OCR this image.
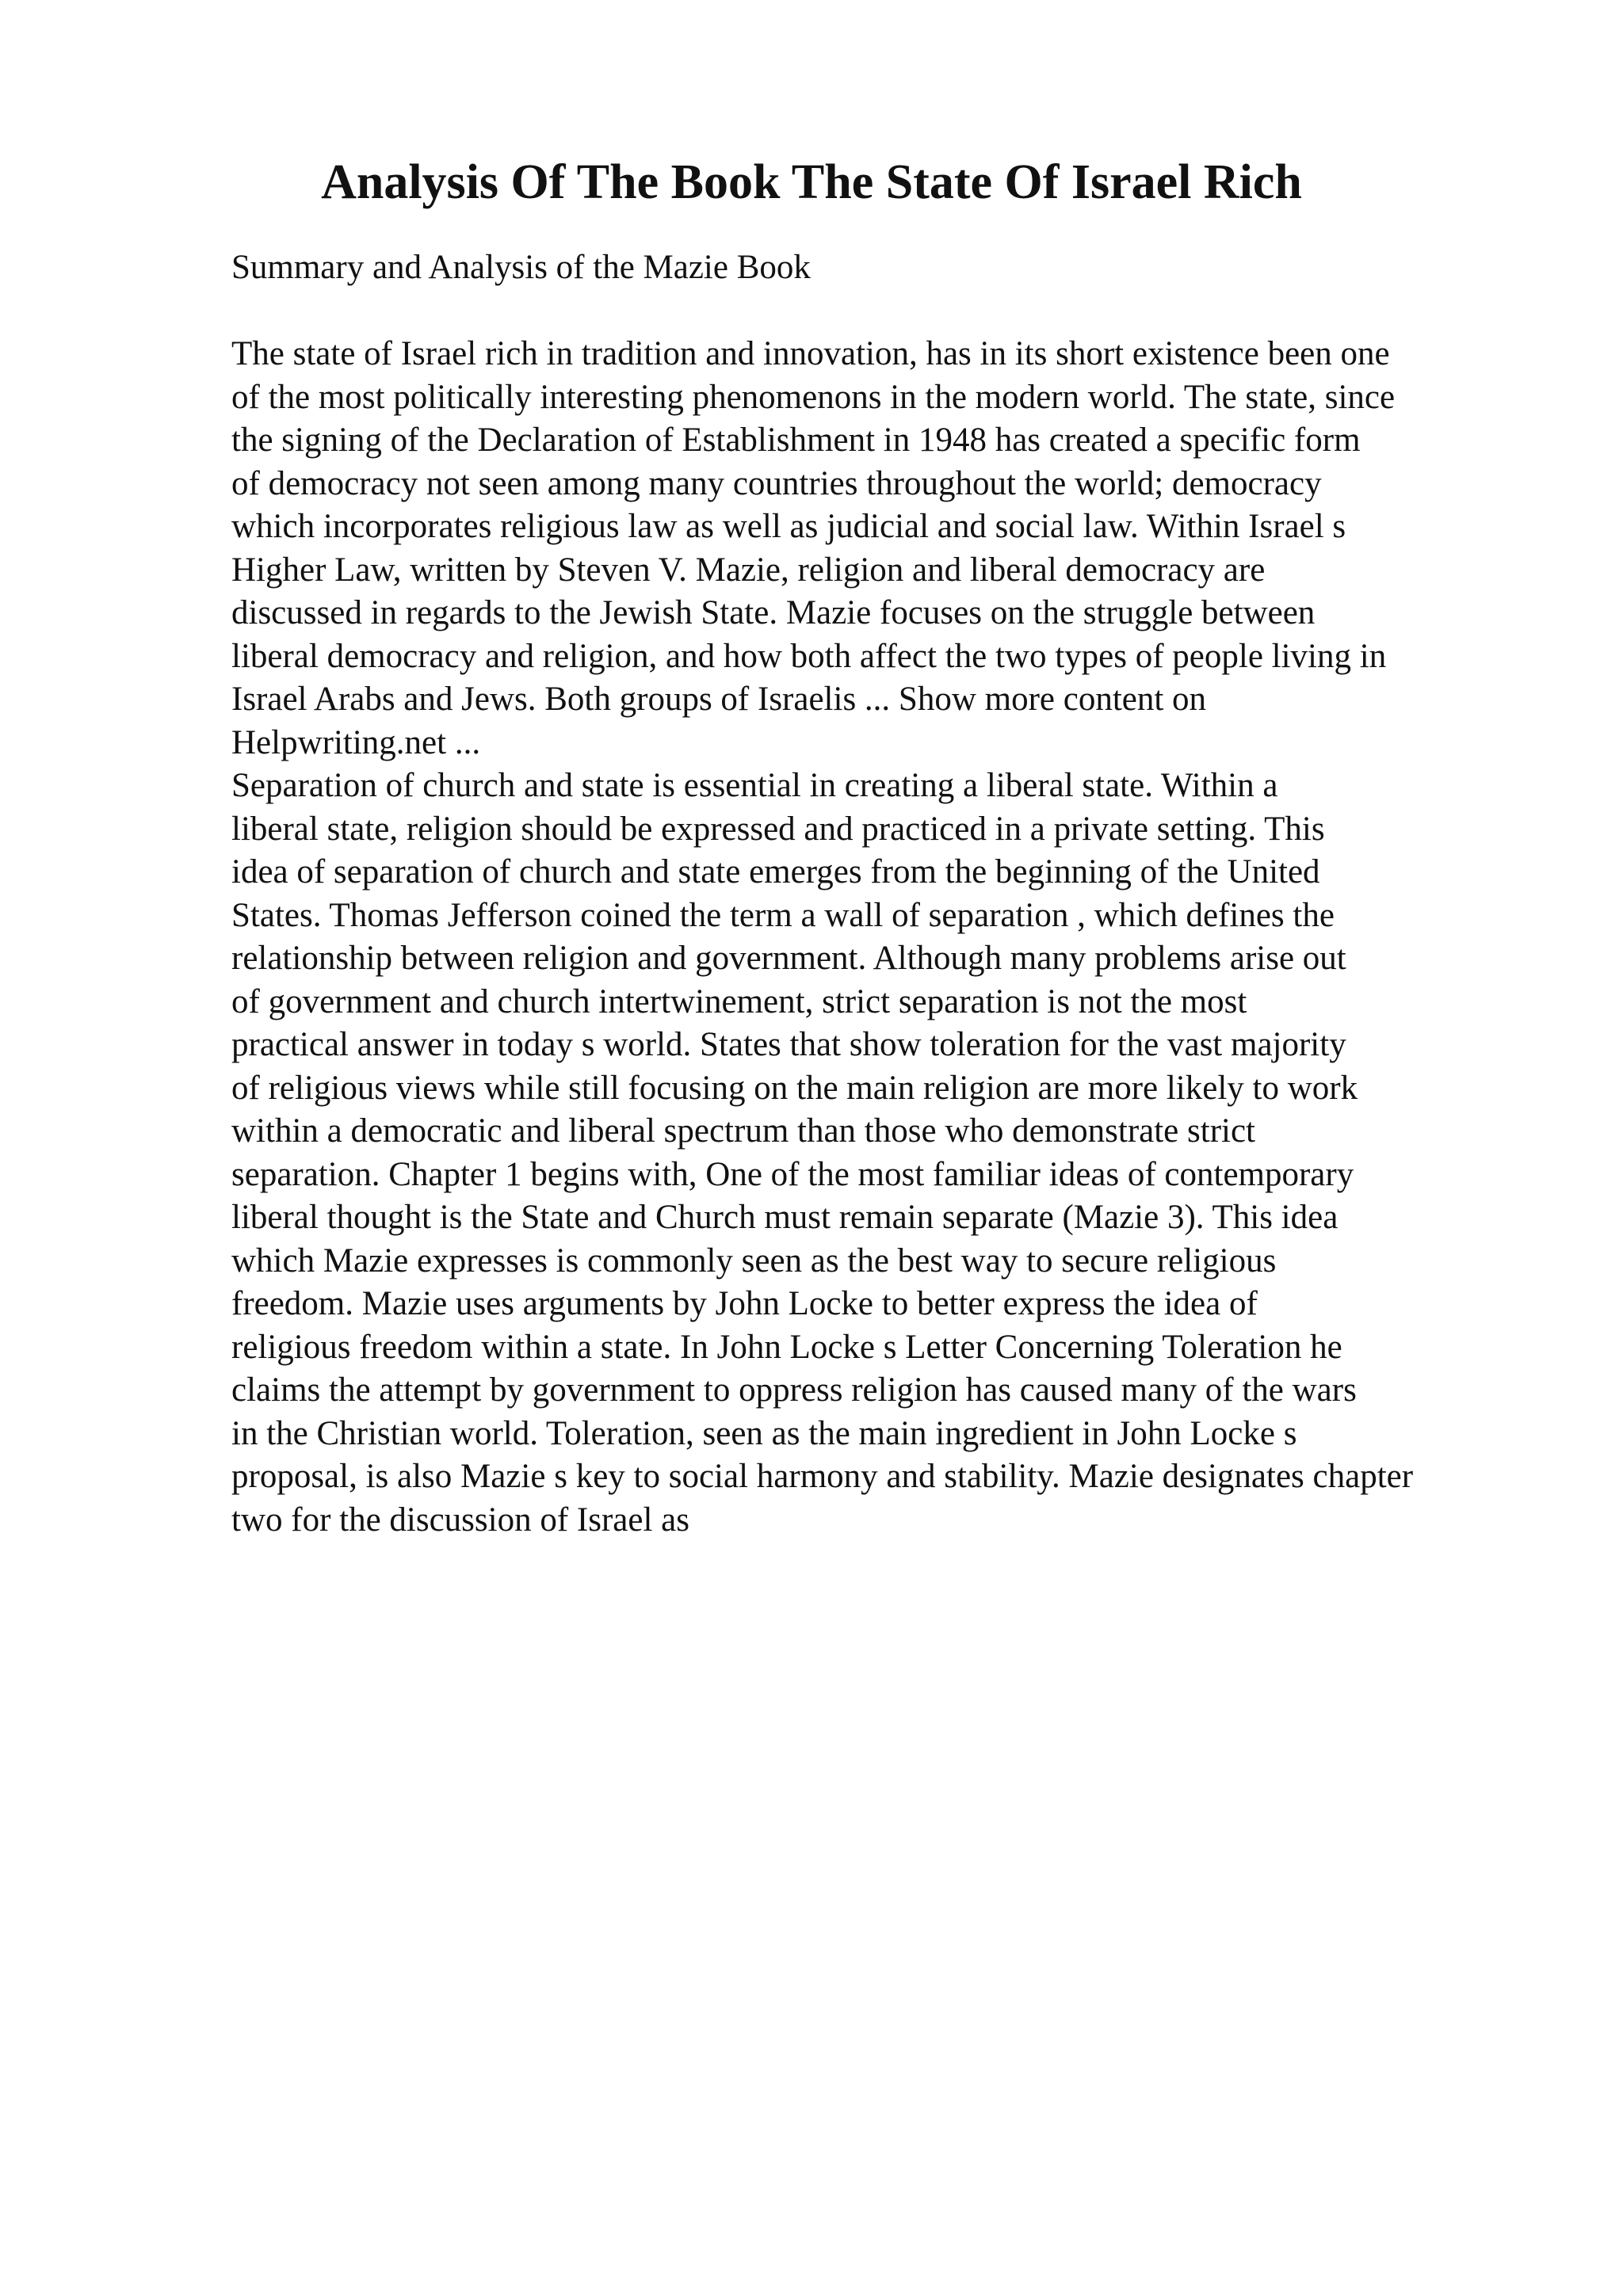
Analysis Of The Book The State Of Israel Rich

Summary and Analysis of the Mazie Book

The state of Israel rich in tradition and innovation, has in its short existence been one
of the most politically interesting phenomenons in the modern world. The state, since
the signing of the Declaration of Establishment in 1948 has created a specific form
of democracy not seen among many countries throughout the world; democracy
which incorporates religious law as well as judicial and social law. Within Israel s
Higher Law, written by Steven V. Mazie, religion and liberal democracy are
discussed in regards to the Jewish State. Mazie focuses on the struggle between
liberal democracy and religion, and how both affect the two types of people living in
Israel Arabs and Jews. Both groups of Israelis ... Show more content on
Helpwriting.net ...
Separation of church and state is essential in creating a liberal state. Within a
liberal state, religion should be expressed and practiced in a private setting. This
idea of separation of church and state emerges from the beginning of the United
States. Thomas Jefferson coined the term a wall of separation , which defines the
relationship between religion and government. Although many problems arise out
of government and church intertwinement, strict separation is not the most
practical answer in today s world. States that show toleration for the vast majority
of religious views while still focusing on the main religion are more likely to work
within a democratic and liberal spectrum than those who demonstrate strict
separation. Chapter 1 begins with, One of the most familiar ideas of contemporary
liberal thought is the State and Church must remain separate (Mazie 3). This idea
which Mazie expresses is commonly seen as the best way to secure religious
freedom. Mazie uses arguments by John Locke to better express the idea of
religious freedom within a state. In John Locke s Letter Concerning Toleration he
claims the attempt by government to oppress religion has caused many of the wars
in the Christian world. Toleration, seen as the main ingredient in John Locke s
proposal, is also Mazie s key to social harmony and stability. Mazie designates chapter
two for the discussion of Israel as
